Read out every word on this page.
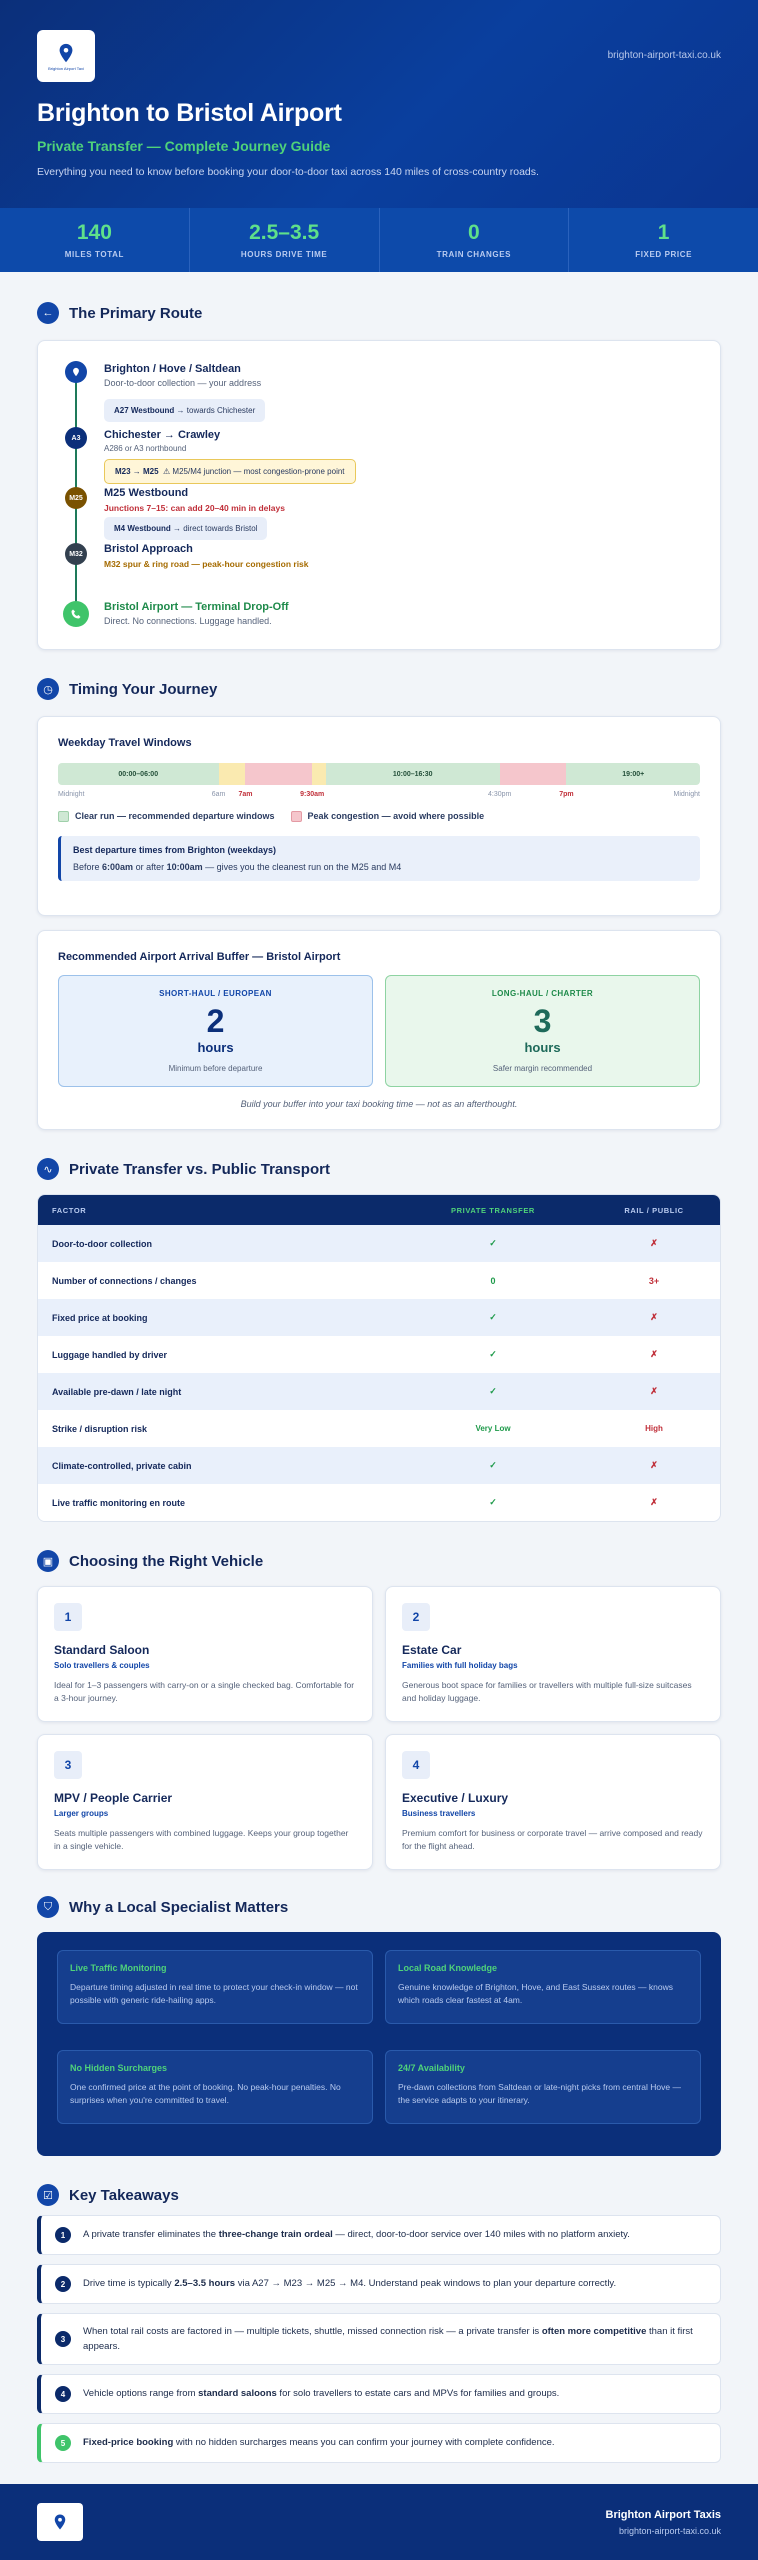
Brighton Airport Taxi
brighton-airport-taxi.co.uk
Brighton to Bristol Airport
Private Transfer — Complete Journey Guide
Everything you need to know before booking your door-to-door taxi across 140 miles of cross-country roads.
140
MILES TOTAL
2.5–3.5
HOURS DRIVE TIME
0
TRAIN CHANGES
1
FIXED PRICE
←	The Primary Route
Brighton / Hove / Saltdean
Door-to-door collection — your address
A27 Westbound → towards Chichester
A3	Chichester → Crawley
A286 or A3 northbound
M23 → M25 ⚠ M25/M4 junction — most congestion-prone point
M25	M25 Westbound
Junctions 7–15: can add 20–40 min in delays
M4 Westbound → direct towards Bristol
M32	Bristol Approach
M32 spur & ring road — peak-hour congestion risk
Bristol Airport — Terminal Drop-Off
Direct. No connections. Luggage handled.
◷	Timing Your Journey
Weekday Travel Windows
00:00–06:00	10:00–16:30	19:00+
Midnight	6am 7am	9:30am	4:30pm	7pm	Midnight
Clear run — recommended departure windows	Peak congestion — avoid where possible
Best departure times from Brighton (weekdays)
Before 6:00am or after 10:00am — gives you the cleanest run on the M25 and M4
Recommended Airport Arrival Buffer — Bristol Airport
SHORT-HAUL / EUROPEAN
2
hours
Minimum before departure
LONG-HAUL / CHARTER
3
hours
Safer margin recommended
Build your buffer into your taxi booking time — not as an afterthought.
∿	Private Transfer vs. Public Transport
FACTOR	PRIVATE TRANSFER	RAIL / PUBLIC
Door-to-door collection	✓	✗
Number of connections / changes	0	3+
Fixed price at booking	✓	✗
Luggage handled by driver	✓	✗
Available pre-dawn / late night	✓	✗
Strike / disruption risk	Very Low	High
Climate-controlled, private cabin	✓	✗
Live traffic monitoring en route	✓	✗
▣	Choosing the Right Vehicle
1
Standard Saloon
Solo travellers & couples
Ideal for 1–3 passengers with carry-on or a single checked bag. Comfortable for a 3-hour journey.
2
Estate Car
Families with full holiday bags
Generous boot space for families or travellers with multiple full-size suitcases and holiday luggage.
3
MPV / People Carrier
Larger groups
Seats multiple passengers with combined luggage. Keeps your group together in a single vehicle.
4
Executive / Luxury
Business travellers
Premium comfort for business or corporate travel — arrive composed and ready for the flight ahead.
⛉	Why a Local Specialist Matters
Live Traffic Monitoring
Departure timing adjusted in real time to protect your check-in window — not possible with generic ride-hailing apps.
Local Road Knowledge
Genuine knowledge of Brighton, Hove, and East Sussex routes — knows which roads clear fastest at 4am.
No Hidden Surcharges
One confirmed price at the point of booking. No peak-hour penalties. No surprises when you're committed to travel.
24/7 Availability
Pre-dawn collections from Saltdean or late-night picks from central Hove — the service adapts to your itinerary.
☑	Key Takeaways
1	A private transfer eliminates the three-change train ordeal — direct, door-to-door service over 140 miles with no platform anxiety.
2	Drive time is typically 2.5–3.5 hours via A27 → M23 → M25 → M4. Understand peak windows to plan your departure correctly.
3
When total rail costs are factored in — multiple tickets, shuttle, missed connection risk — a private transfer is often more competitive than it first appears.
4	Vehicle options range from standard saloons for solo travellers to estate cars and MPVs for families and groups.
5	Fixed-price booking with no hidden surcharges means you can confirm your journey with complete confidence.
Brighton Airport Taxis
brighton-airport-taxi.co.uk
